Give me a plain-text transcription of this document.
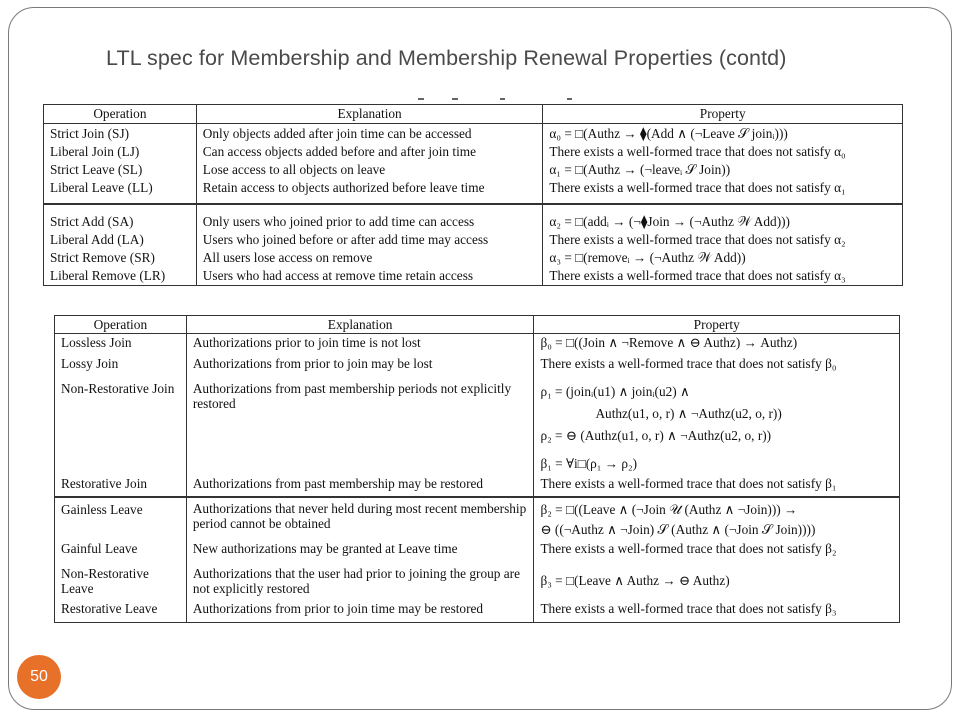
LTL spec for Membership and Membership Renewal Properties (contd)
Operation	Explanation	Property
Strict Join (SJ)	Only objects added after join time can be accessed	α₀ = □(Authz → ⧫(Add ∧ (¬Leave 𝒮 joinᵢ)))
Liberal Join (LJ)	Can access objects added before and after join time	There exists a well-formed trace that does not satisfy α₀
Strict Leave (SL)	Lose access to all objects on leave	α₁ = □(Authz → (¬leaveᵢ 𝒮 Join))
Liberal Leave (LL)	Retain access to objects authorized before leave time	There exists a well-formed trace that does not satisfy α₁
Strict Add (SA)	Only users who joined prior to add time can access	α₂ = □(addᵢ → (¬⧫Join → (¬Authz 𝒲 Add)))
Liberal Add (LA)	Users who joined before or after add time may access	There exists a well-formed trace that does not satisfy α₂
Strict Remove (SR)	All users lose access on remove	α₃ = □(removeᵢ → (¬Authz 𝒲 Add))
Liberal Remove (LR)	Users who had access at remove time retain access	There exists a well-formed trace that does not satisfy α₃
Operation	Explanation	Property
Lossless Join	Authorizations prior to join time is not lost	β₀ = □((Join ∧ ¬Remove ∧ ⊖ Authz) → Authz)
Lossy Join	Authorizations from prior to join may be lost	There exists a well-formed trace that does not satisfy β₀
Non-Restorative Join	Authorizations from past membership periods not explicitly restored	ρ₁ = (joinᵢ(u1) ∧ joinᵢ(u2) ∧
Authz(u1, o, r) ∧ ¬Authz(u2, o, r))
ρ₂ = ⊖ (Authz(u1, o, r) ∧ ¬Authz(u2, o, r))
β₁ = ∀i□(ρ₁ → ρ₂)

Restorative Join	Authorizations from past membership may be restored	There exists a well-formed trace that does not satisfy β₁
Gainless Leave	Authorizations that never held during most recent membership period cannot be obtained	β₂ = □((Leave ∧ (¬Join 𝒰 (Authz ∧ ¬Join))) →
⊖ ((¬Authz ∧ ¬Join) 𝒮 (Authz ∧ (¬Join 𝒮 Join))))

Gainful Leave	New authorizations may be granted at Leave time	There exists a well-formed trace that does not satisfy β₂
Non-Restorative Leave	Authorizations that the user had prior to joining the group are not explicitly restored	β₃ = □(Leave ∧ Authz → ⊖ Authz)
Restorative Leave	Authorizations from prior to join time may be restored	There exists a well-formed trace that does not satisfy β₃
50
